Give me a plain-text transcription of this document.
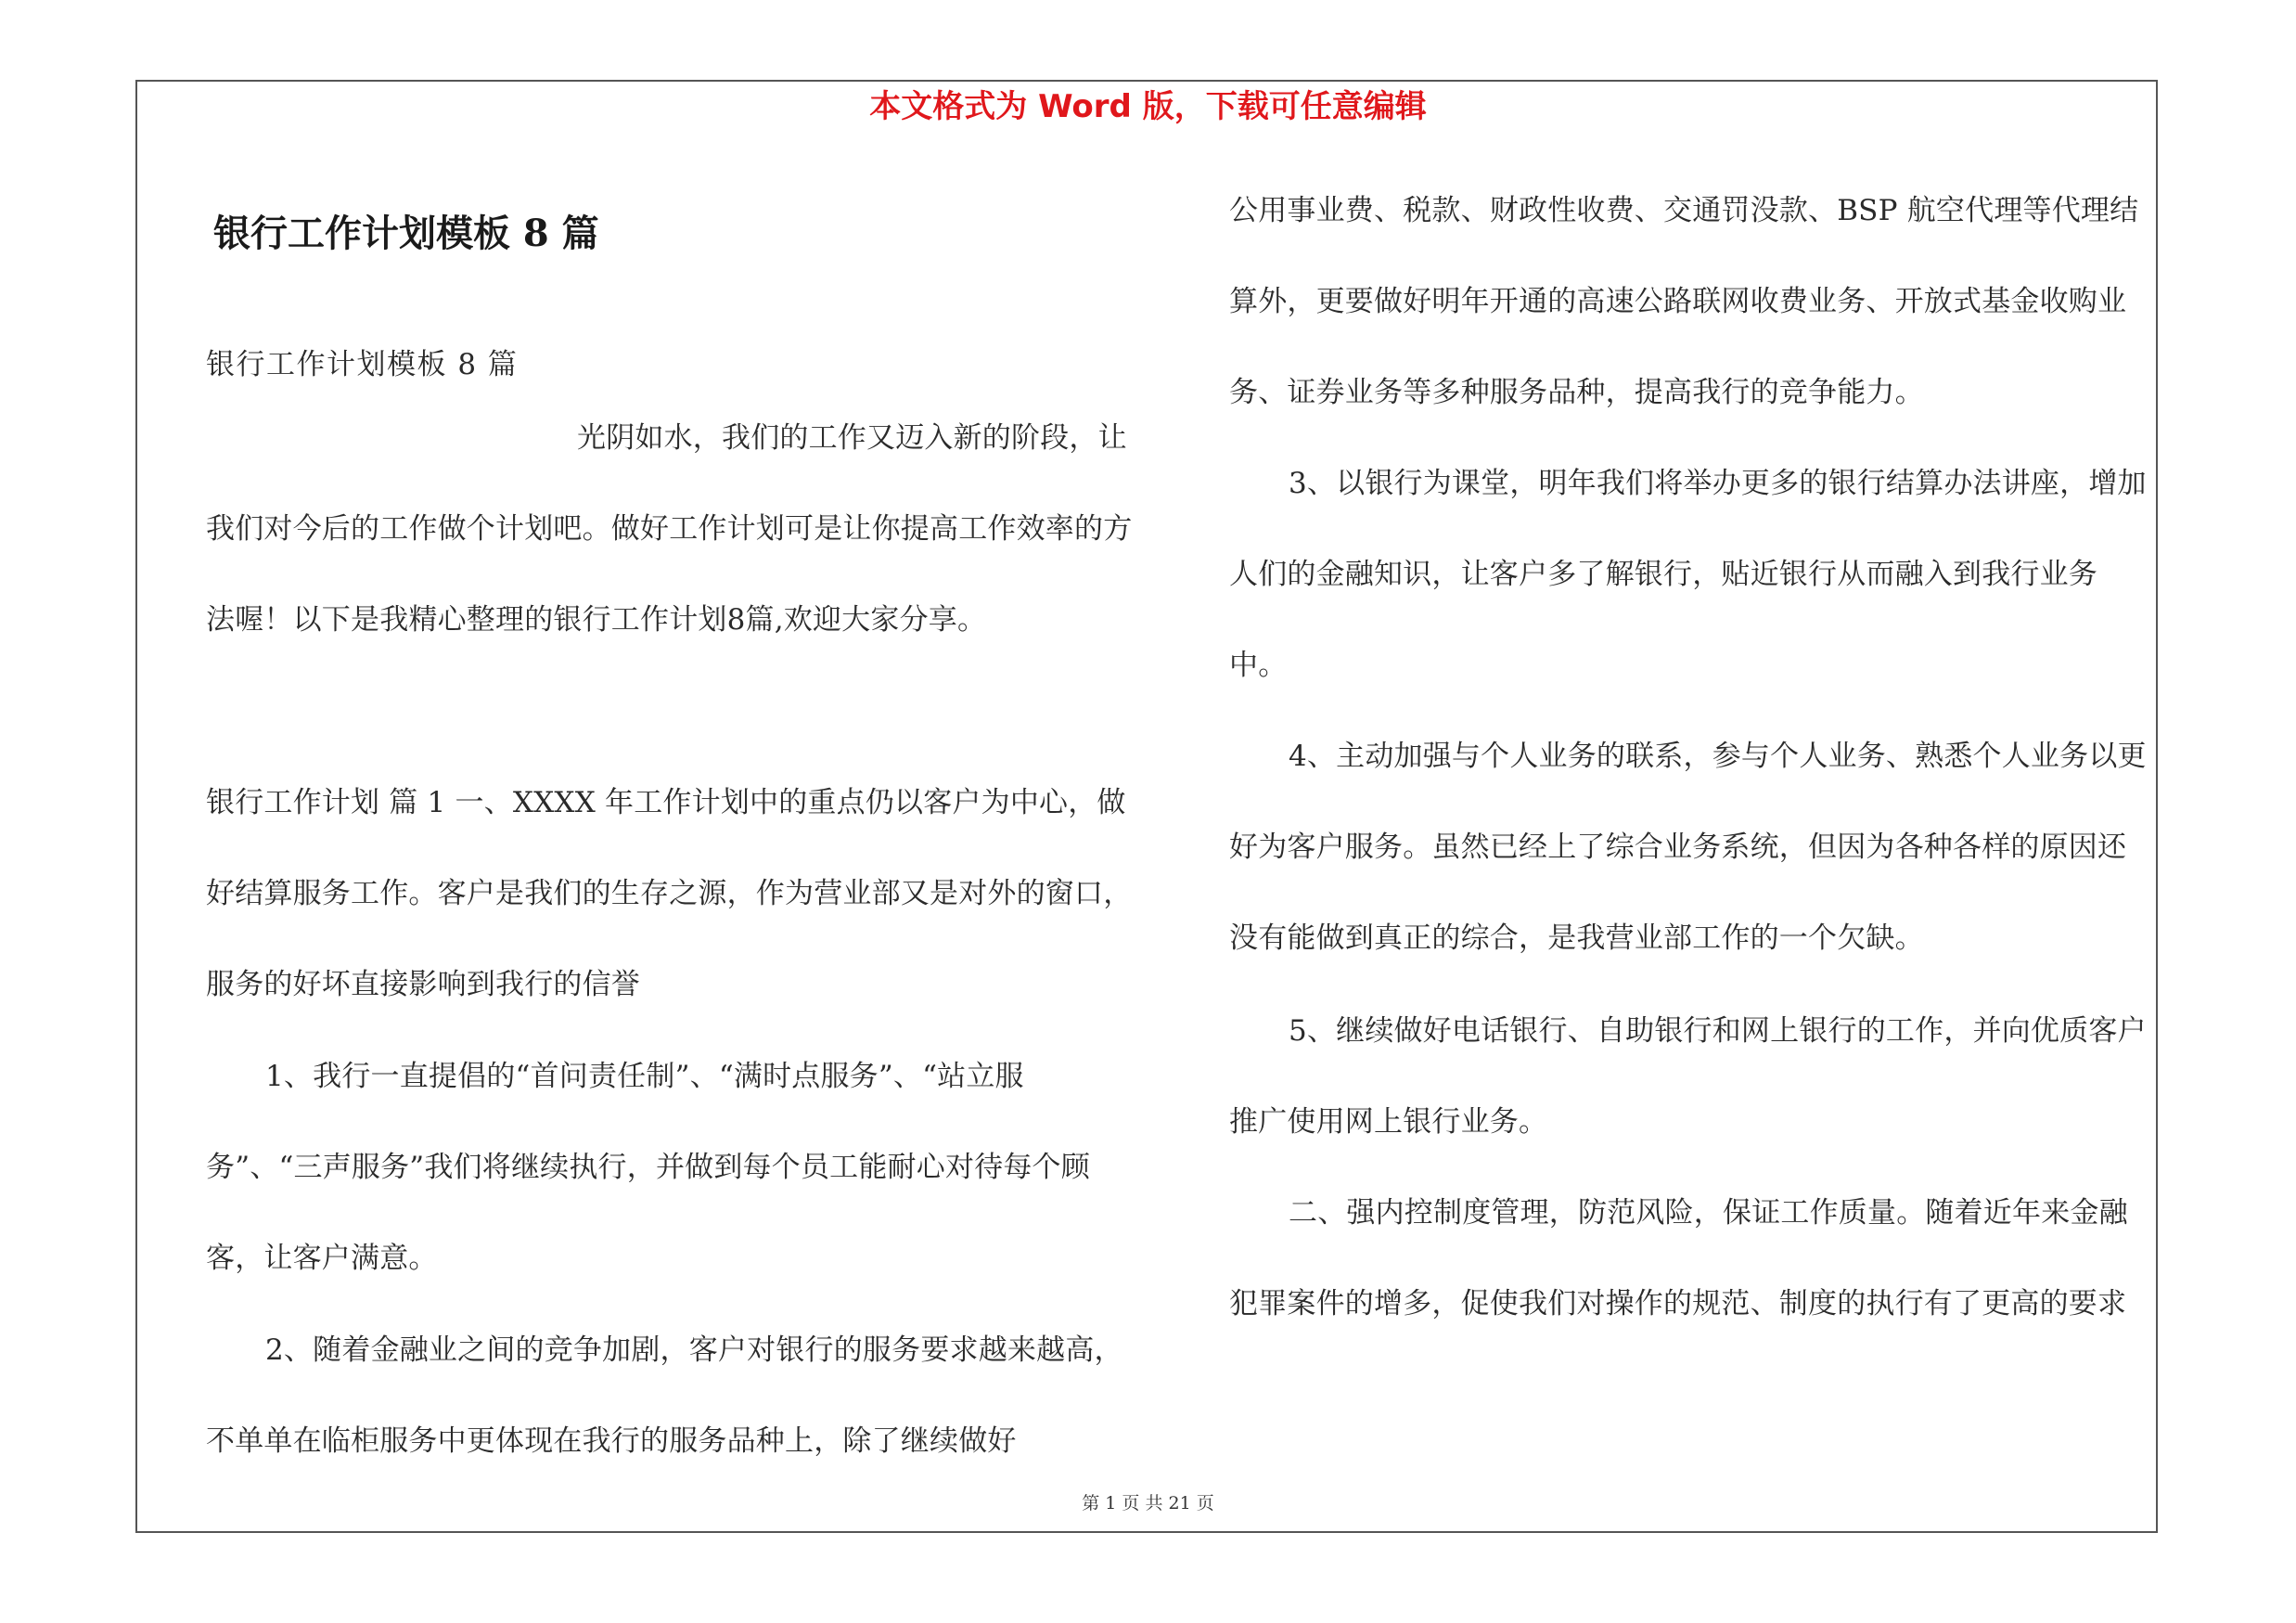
本文格式为 Word 版，下载可任意编辑
银行工作计划模板 8 篇

银行工作计划模板 8 篇

光阴如水，我们的工作又迈入新的阶段，让我们对今后的工作做个计划吧。做好工作计划可是让你提高工作效率的方法喔！以下是我精心整理的银行工作计划8篇,欢迎大家分享。

银行工作计划 篇 1 一、XXXX 年工作计划中的重点仍以客户为中心，做好结算服务工作。客户是我们的生存之源，作为营业部又是对外的窗口，服务的好坏直接影响到我行的信誉

1、我行一直提倡的“首问责任制”、“满时点服务”、“站立服务”、“三声服务”我们将继续执行，并做到每个员工能耐心对待每个顾客，让客户满意。

2、随着金融业之间的竞争加剧，客户对银行的服务要求越来越高，不单单在临柜服务中更体现在我行的服务品种上，除了继续做好

公用事业费、税款、财政性收费、交通罚没款、BSP 航空代理等代理结算外，更要做好明年开通的高速公路联网收费业务、开放式基金收购业务、证券业务等多种服务品种，提高我行的竞争能力。

3、以银行为课堂，明年我们将举办更多的银行结算办法讲座，增加人们的金融知识，让客户多了解银行，贴近银行从而融入到我行业务中。

4、主动加强与个人业务的联系，参与个人业务、熟悉个人业务以更好为客户服务。虽然已经上了综合业务系统，但因为各种各样的原因还没有能做到真正的综合，是我营业部工作的一个欠缺。

5、继续做好电话银行、自助银行和网上银行的工作，并向优质客户推广使用网上银行业务。

二、强内控制度管理，防范风险，保证工作质量。随着近年来金融犯罪案件的增多，促使我们对操作的规范、制度的执行有了更高的要求

第 1 页 共 21 页
